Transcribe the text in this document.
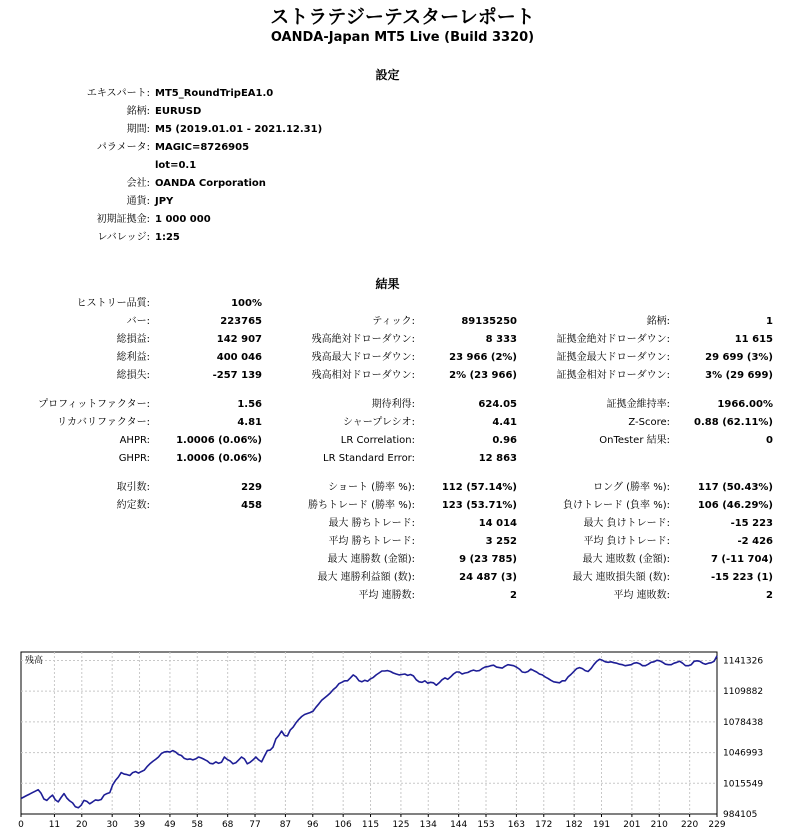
ストラテジーテスターレポート
OANDA-Japan MT5 Live (Build 3320)
設定
エキスパート:	MT5_RoundTripEA1.0
銘柄:	EURUSD
期間:	M5 (2019.01.01 - 2021.12.31)
パラメータ:	MAGIC=8726905
	lot=0.1
会社:	OANDA Corporation
通貨:	JPY
初期証拠金:	1 000 000
レバレッジ:	1:25
結果
ヒストリー品質:	100%				
バー:	223765	ティック:	89135250	銘柄:	1
総損益:	142 907	残高絶対ドローダウン:	8 333	証拠金絶対ドローダウン:	11 615
総利益:	400 046	残高最大ドローダウン:	23 966 (2%)	証拠金最大ドローダウン:	29 699 (3%)
総損失:	-257 139	残高相対ドローダウン:	2% (23 966)	証拠金相対ドローダウン:	3% (29 699)

プロフィットファクター:	1.56	期待利得:	624.05	証拠金維持率:	1966.00%
リカバリファクター:	4.81	シャープレシオ:	4.41	Z-Score:	0.88 (62.11%)
AHPR:	1.0006 (0.06%)	LR Correlation:	0.96	OnTester 結果:	0
GHPR:	1.0006 (0.06%)	LR Standard Error:	12 863		

取引数:	229	ショート (勝率 %):	112 (57.14%)	ロング (勝率 %):	117 (50.43%)
約定数:	458	勝ちトレード (勝率 %):	123 (53.71%)	負けトレード (負率 %):	106 (46.29%)
		最大 勝ちトレード:	14 014	最大 負けトレード:	-15 223
		平均 勝ちトレード:	3 252	平均 負けトレード:	-2 426
		最大 連勝数 (金額):	9 (23 785)	最大 連敗数 (金額):	7 (-11 704)
		最大 連勝利益額 (数):	24 487 (3)	最大 連敗損失額 (数):	-15 223 (1)
		平均 連勝数:	2	平均 連敗数:	2
1141326
1109882
1078438
1046993
1015549
984105
0	11 20 30 39 49 58 68 77 87 96 106 115 125 134 144 153 163 172 182 191 201 210 220 229
残高
